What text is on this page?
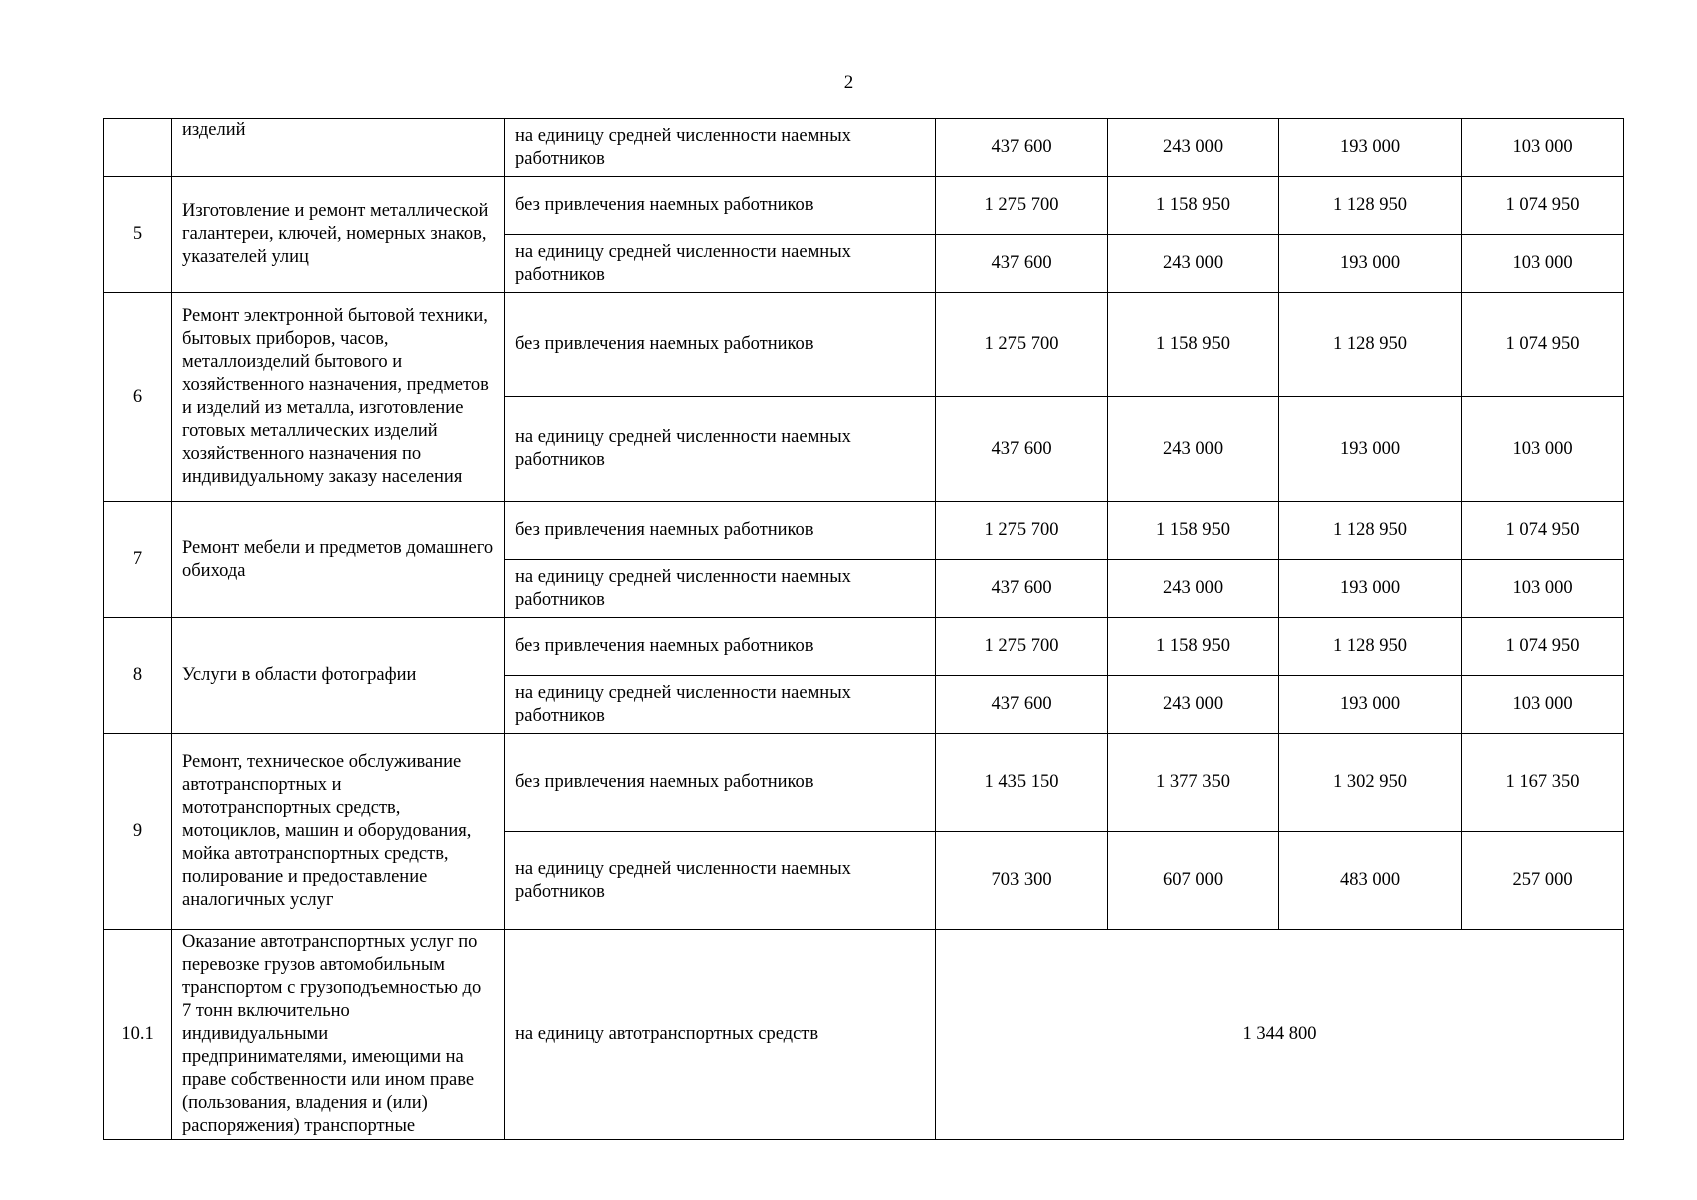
2
	изделий	на единицу средней численности наемных работников	437 600	243 000	193 000	103 000
5	Изготовление и ремонт металлической галантереи, ключей, номерных знаков, указателей улиц	без привлечения наемных работников	1 275 700	1 158 950	1 128 950	1 074 950
		на единицу средней численности наемных работников	437 600	243 000	193 000	103 000
6	Ремонт электронной бытовой техники, бытовых приборов, часов, металлоизделий бытового и хозяйственного назначения, предметов и изделий из металла, изготовление готовых металлических изделий хозяйственного назначения по индивидуальному заказу населения	без привлечения наемных работников	1 275 700	1 158 950	1 128 950	1 074 950
		на единицу средней численности наемных работников	437 600	243 000	193 000	103 000
7	Ремонт мебели и предметов домашнего обихода	без привлечения наемных работников	1 275 700	1 158 950	1 128 950	1 074 950
		на единицу средней численности наемных работников	437 600	243 000	193 000	103 000
8	Услуги в области фотографии	без привлечения наемных работников	1 275 700	1 158 950	1 128 950	1 074 950
		на единицу средней численности наемных работников	437 600	243 000	193 000	103 000
9	Ремонт, техническое обслуживание автотранспортных и мототранспортных средств, мотоциклов, машин и оборудования, мойка автотранспортных средств, полирование и предоставление аналогичных услуг	без привлечения наемных работников	1 435 150	1 377 350	1 302 950	1 167 350
		на единицу средней численности наемных работников	703 300	607 000	483 000	257 000
10.1	Оказание автотранспортных услуг по перевозке грузов автомобильным транспортом с грузоподъемностью до 7 тонн включительно индивидуальными предпринимателями, имеющими на праве собственности или ином праве (пользования, владения и (или) распоряжения) транспортные	на единицу автотранспортных средств	1 344 800			
